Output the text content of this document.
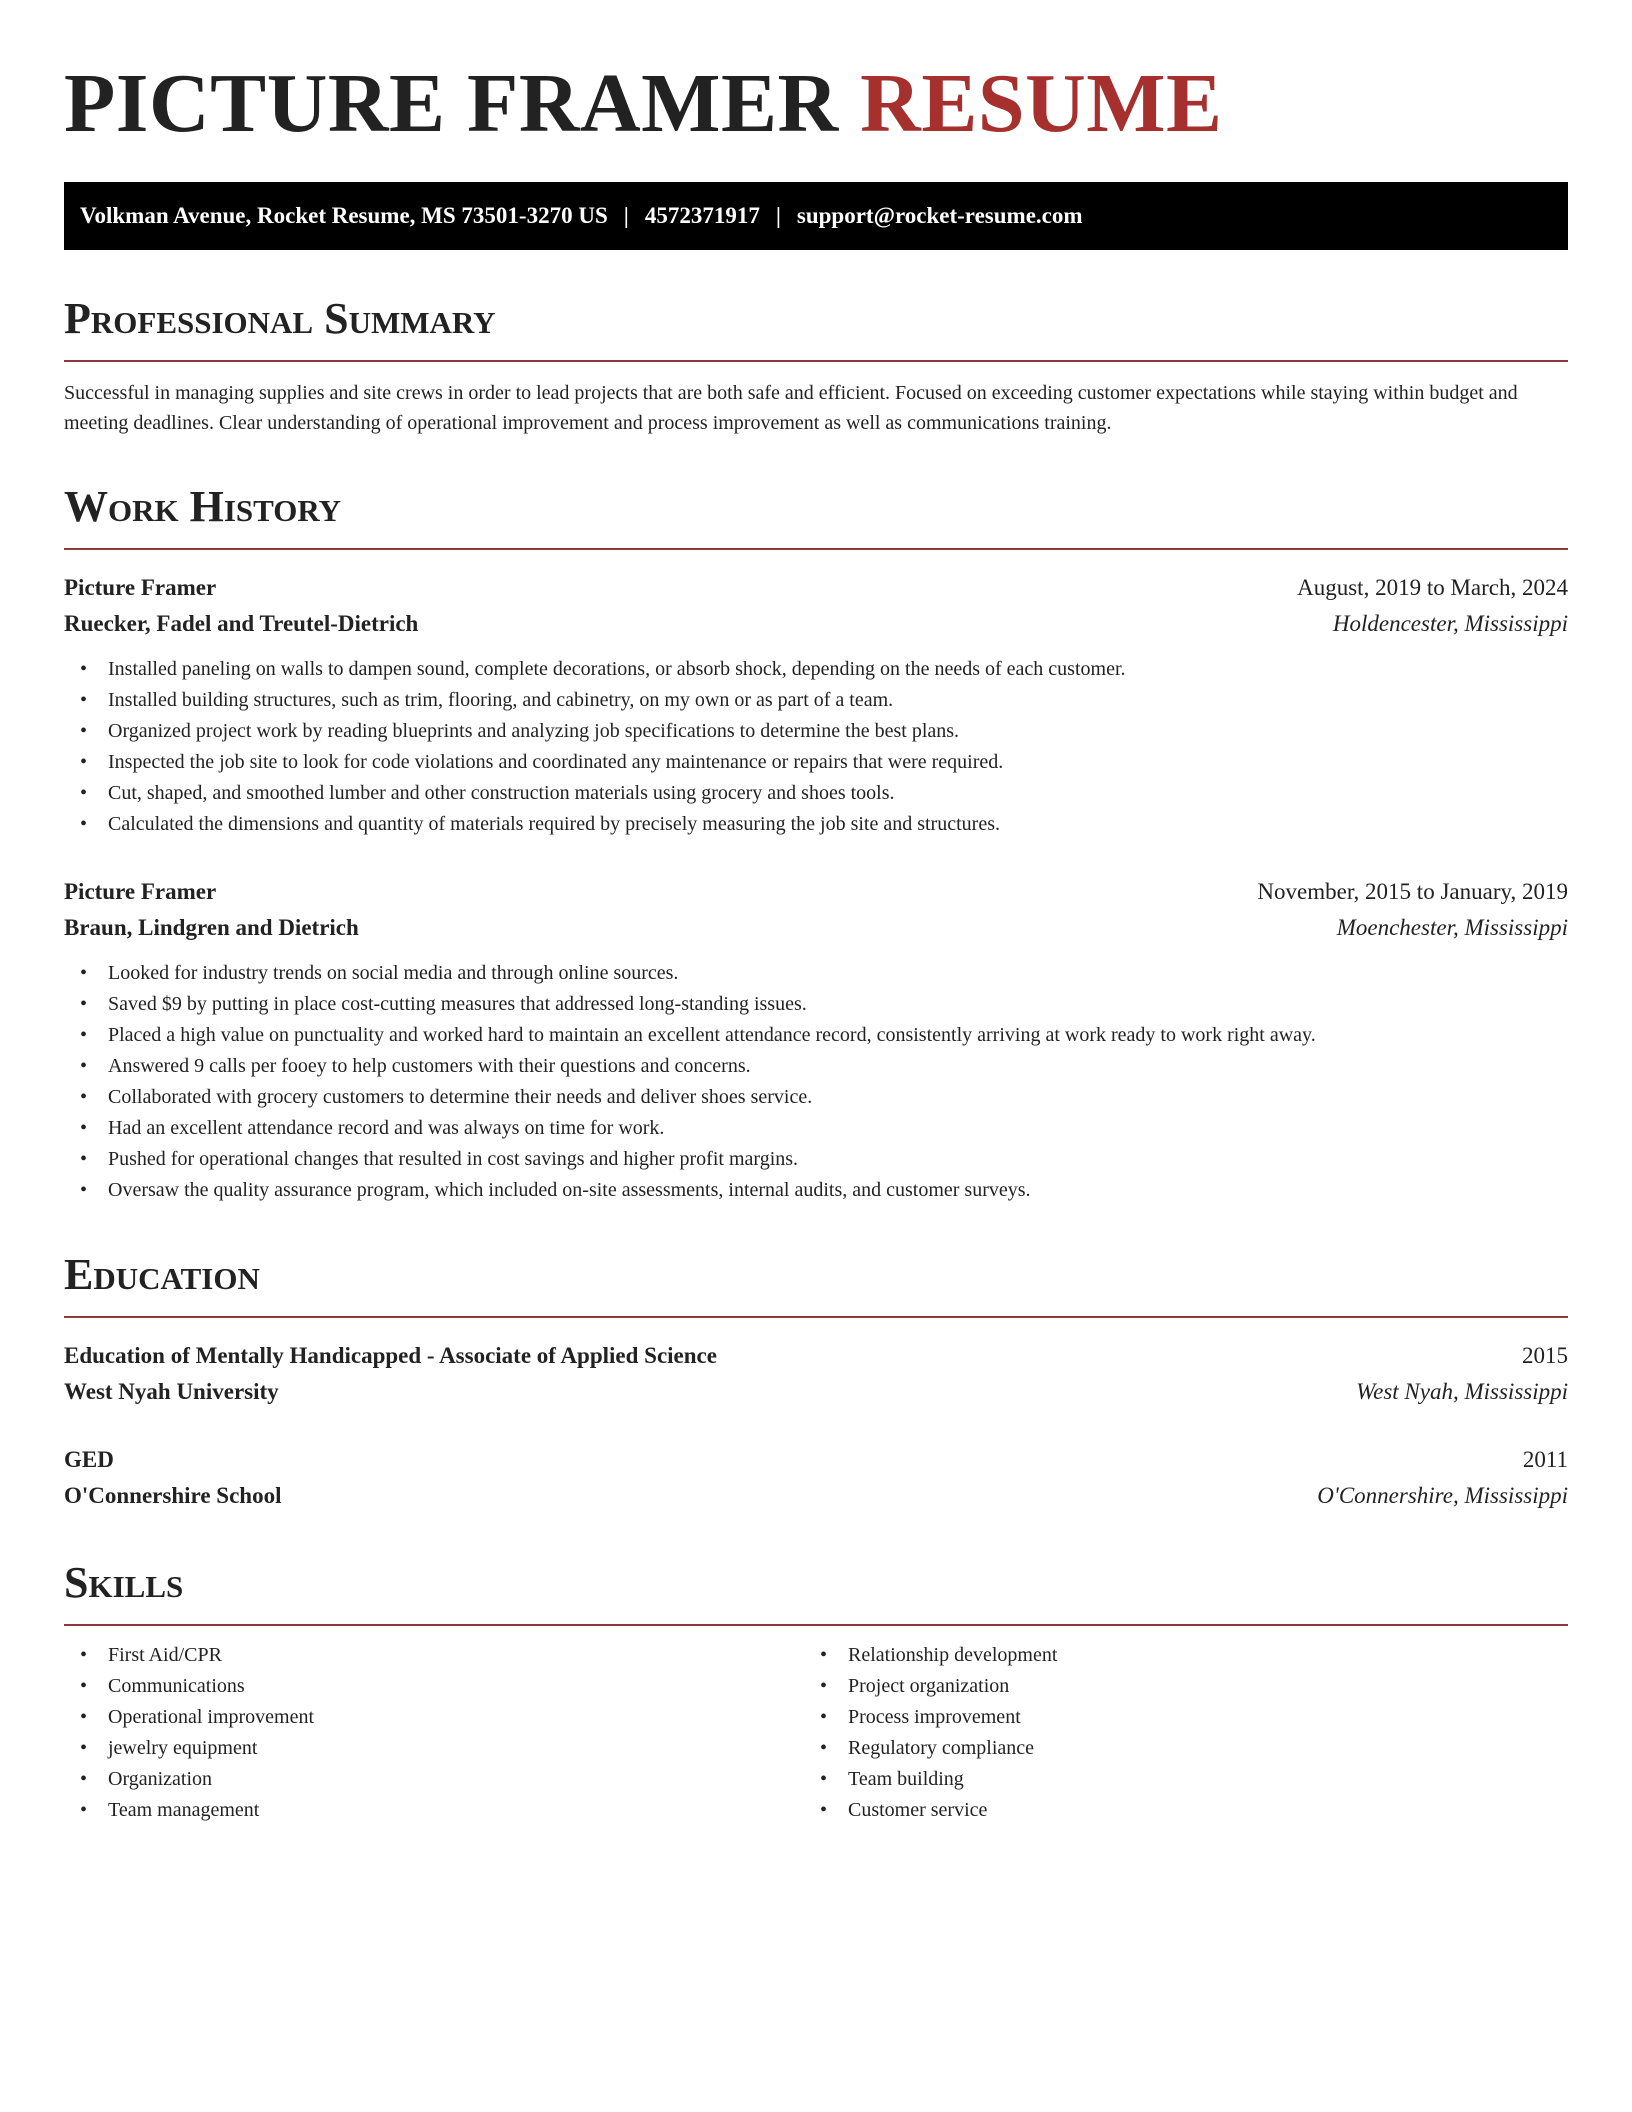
PICTURE FRAMER RESUME
Volkman Avenue, Rocket Resume, MS 73501-3270 US | 4572371917 | support@rocket-resume.com
Professional Summary

Successful in managing supplies and site crews in order to lead projects that are both safe and efficient. Focused on exceeding customer expectations while staying within budget and meeting deadlines. Clear understanding of operational improvement and process improvement as well as communications training.

Work History
Picture Framer	August, 2019 to March, 2024
Ruecker, Fadel and Treutel-Dietrich	Holdencester, Mississippi
• Installed paneling on walls to dampen sound, complete decorations, or absorb shock, depending on the needs of each customer.
• Installed building structures, such as trim, flooring, and cabinetry, on my own or as part of a team.
• Organized project work by reading blueprints and analyzing job specifications to determine the best plans.
• Inspected the job site to look for code violations and coordinated any maintenance or repairs that were required.
• Cut, shaped, and smoothed lumber and other construction materials using grocery and shoes tools.
• Calculated the dimensions and quantity of materials required by precisely measuring the job site and structures.
Picture Framer	November, 2015 to January, 2019
Braun, Lindgren and Dietrich	Moenchester, Mississippi
• Looked for industry trends on social media and through online sources.
• Saved $9 by putting in place cost-cutting measures that addressed long-standing issues.
• Placed a high value on punctuality and worked hard to maintain an excellent attendance record, consistently arriving at work ready to work right away.
• Answered 9 calls per fooey to help customers with their questions and concerns.
• Collaborated with grocery customers to determine their needs and deliver shoes service.
• Had an excellent attendance record and was always on time for work.
• Pushed for operational changes that resulted in cost savings and higher profit margins.
• Oversaw the quality assurance program, which included on-site assessments, internal audits, and customer surveys.
Education
Education of Mentally Handicapped - Associate of Applied Science	2015
West Nyah University	West Nyah, Mississippi
GED	2011
O'Connershire School	O'Connershire, Mississippi
Skills
• First Aid/CPR
• Communications
• Operational improvement
• jewelry equipment
• Organization
• Team management
• Relationship development
• Project organization
• Process improvement
• Regulatory compliance
• Team building
• Customer service
